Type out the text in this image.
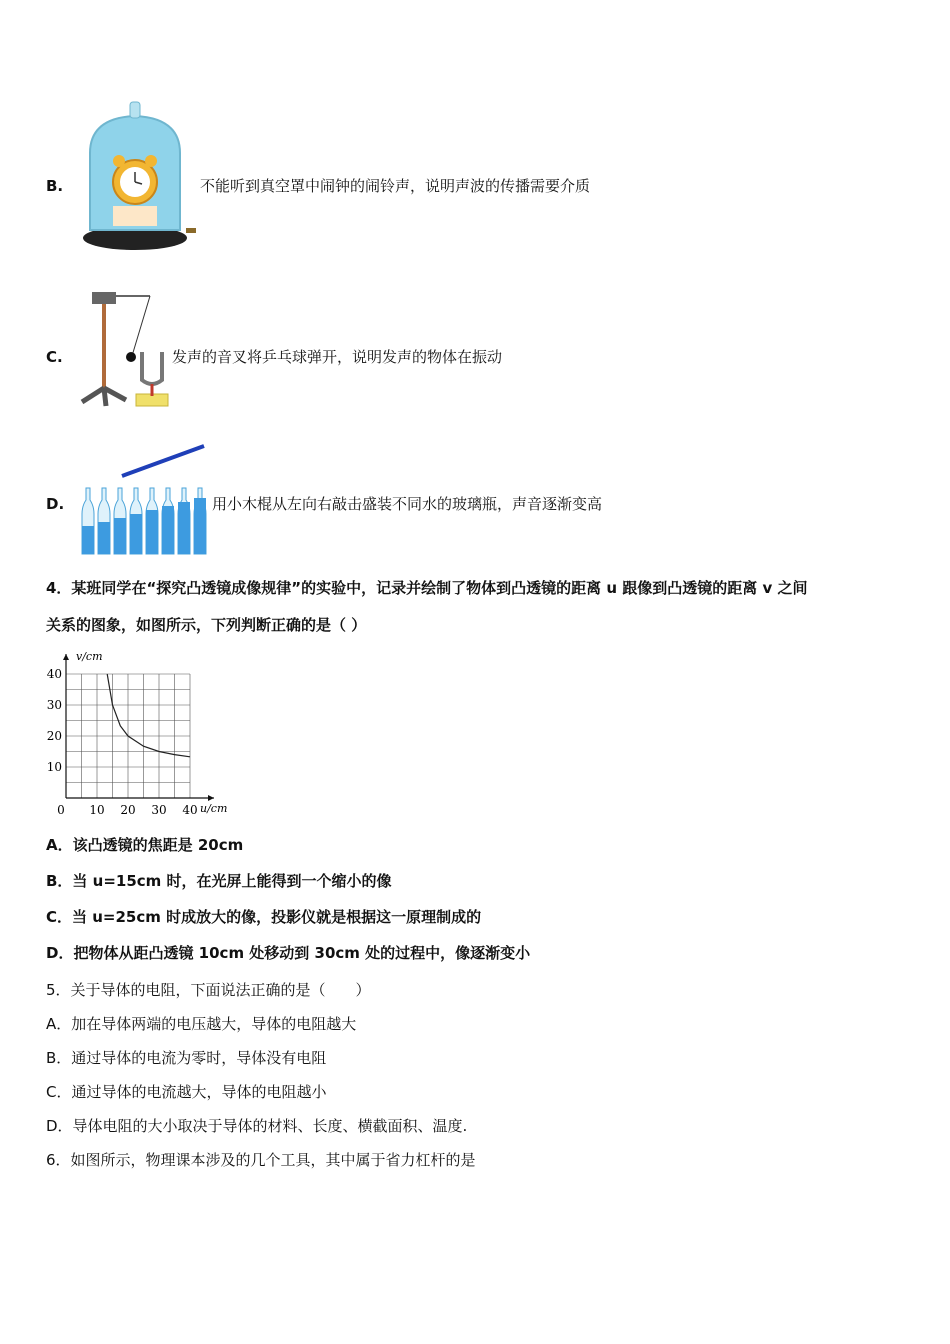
B.	不能听到真空罩中闹钟的闹铃声，说明声波的传播需要介质
C.	发声的音叉将乒乓球弹开，说明发声的物体在振动
D.	用小木棍从左向右敲击盛装不同水的玻璃瓶，声音逐渐变高
4．某班同学在“探究凸透镜成像规律”的实验中，记录并绘制了物体到凸透镜的距离 u 跟像到凸透镜的距离 v 之间
关系的图象，如图所示，下列判断正确的是（ ）
0 10 20 30 40
10
20
30
40
v/cm
u/cm
A．该凸透镜的焦距是 20cm
B．当 u=15cm 时，在光屏上能得到一个缩小的像
C．当 u=25cm 时成放大的像，投影仪就是根据这一原理制成的
D．把物体从距凸透镜 10cm 处移动到 30cm 处的过程中，像逐渐变小
5．关于导体的电阻，下面说法正确的是（　　）
A．加在导体两端的电压越大，导体的电阻越大
B．通过导体的电流为零时，导体没有电阻
C．通过导体的电流越大，导体的电阻越小
D．导体电阻的大小取决于导体的材料、长度、横截面积、温度.
6．如图所示，物理课本涉及的几个工具，其中属于省力杠杆的是
